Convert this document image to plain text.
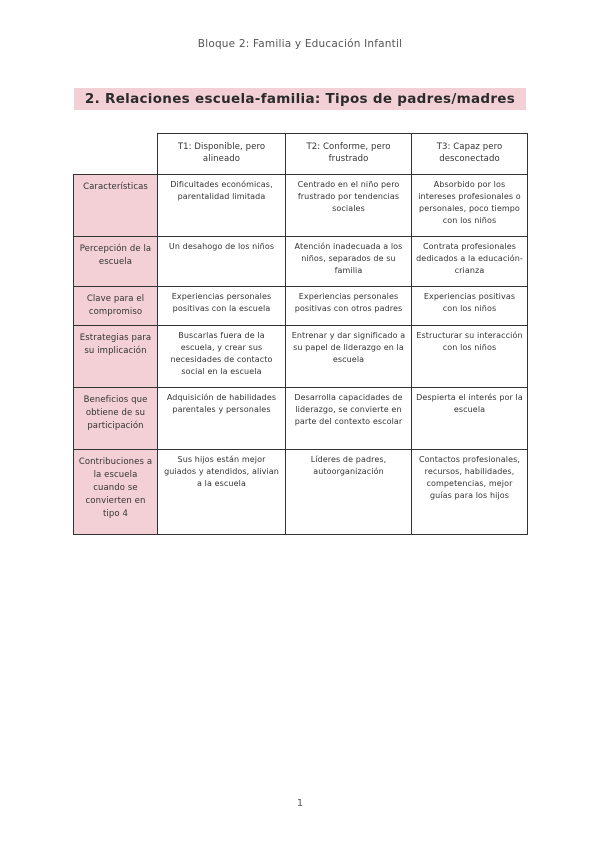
Bloque 2: Familia y Educación Infantil
2. Relaciones escuela-familia: Tipos de padres/madres
	T1: Disponible, pero alineado	T2: Conforme, pero frustrado	T3: Capaz pero desconectado
Características	Dificultades económicas, parentalidad limitada	Centrado en el niño pero frustrado por tendencias sociales	Absorbido por los intereses profesionales o personales, poco tiempo con los niños
Percepción de la escuela	Un desahogo de los niños	Atención inadecuada a los niños, separados de su familia	Contrata profesionales dedicados a la educación-crianza
Clave para el compromiso	Experiencias personales positivas con la escuela	Experiencias personales positivas con otros padres	Experiencias positivas con los niños
Estrategias para su implicación	Buscarlas fuera de la escuela, y crear sus necesidades de contacto social en la escuela	Entrenar y dar significado a su papel de liderazgo en la escuela	Estructurar su interacción con los niños
Beneficios que obtiene de su participación	Adquisición de habilidades parentales y personales	Desarrolla capacidades de liderazgo, se convierte en parte del contexto escolar	Despierta el interés por la escuela
Contribuciones a la escuela cuando se convierten en tipo 4	Sus hijos están mejor guiados y atendidos, alivian a la escuela	Líderes de padres, autoorganización	Contactos profesionales, recursos, habilidades, competencias, mejor guías para los hijos
1
